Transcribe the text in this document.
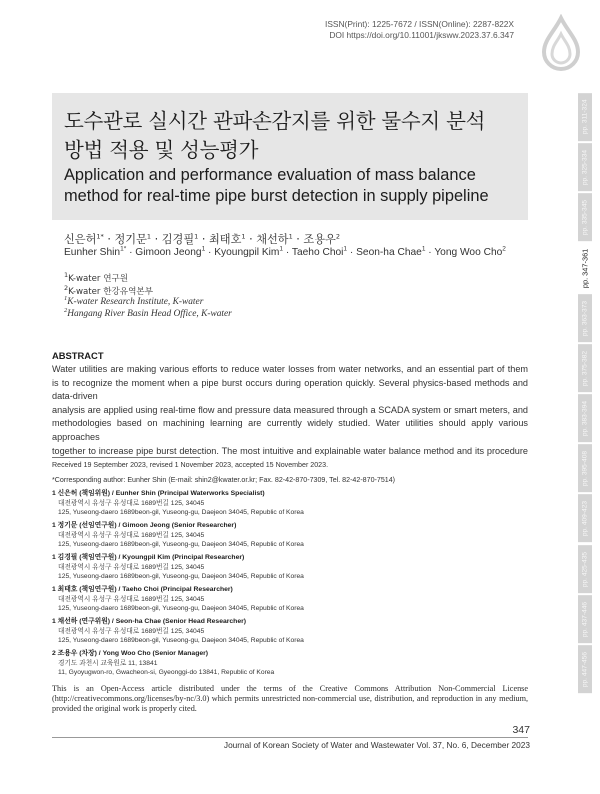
ISSN(Print): 1225-7672 / ISSN(Online): 2287-822X
DOI https://doi.org/10.11001/jksww.2023.37.6.347
도수관로 실시간 관파손감지를 위한 물수지 분석
방법 적용 및 성능평가
Application and performance evaluation of mass balance
method for real-time pipe burst detection in supply pipeline
신은허$^{1*}$ · 정기문$^1$ · 김경필$^1$ · 최태호$^1$ · 채선하$^1$ · 조용우$^2$
Eunher Shin$^{1*}$ · Gimoon Jeong$^1$ · Kyoungpil Kim$^1$ · Taeho Choi$^1$ · Seon-ha Chae$^1$ · Yong Woo Cho$^2$
$^1$K-water 연구원
$^2$K-water 한강유역본부
$^1$K-water Research Institute, K-water
$^2$Hangang River Basin Head Office, K-water
ABSTRACT
Water utilities are making various efforts to reduce water losses from water networks, and an essential part of them
is to recognize the moment when a pipe burst occurs during operation quickly. Several physics-based methods and data-driven
analysis are applied using real-time flow and pressure data measured through a SCADA system or smart meters, and
methodologies based on machining learning are currently widely studied. Water utilities should apply various approaches
together to increase pipe burst detection. The most intuitive and explainable water balance method and its procedure
Received 19 September 2023, revised 1 November 2023, accepted 15 November 2023.
*Corresponding author: Eunher Shin (E-mail: shin2@kwater.or.kr; Fax. 82-42-870-7309, Tel. 82-42-870-7514)
1 신은허 (책임위원) / Eunher Shin (Principal Waterworks Specialist)
대전광역시 유성구 유성대로 1689번길 125, 34045
125, Yuseong-daero 1689beon-gil, Yuseong-gu, Daejeon 34045, Republic of Korea
1 정기문 (선임연구원) / Gimoon Jeong (Senior Researcher)
대전광역시 유성구 유성대로 1689번길 125, 34045
125, Yuseong-daero 1689beon-gil, Yuseong-gu, Daejeon 34045, Republic of Korea
1 김경필 (책임연구원) / Kyoungpil Kim (Principal Researcher)
대전광역시 유성구 유성대로 1689번길 125, 34045
125, Yuseong-daero 1689beon-gil, Yuseong-gu, Daejeon 34045, Republic of Korea
1 최태호 (책임연구원) / Taeho Choi (Principal Researcher)
대전광역시 유성구 유성대로 1689번길 125, 34045
125, Yuseong-daero 1689beon-gil, Yuseong-gu, Daejeon 34045, Republic of Korea
1 채선하 (연구위원) / Seon-ha Chae (Senior Head Researcher)
대전광역시 유성구 유성대로 1689번길 125, 34045
125, Yuseong-daero 1689beon-gil, Yuseong-gu, Daejeon 34045, Republic of Korea
2 조용우 (차장) / Yong Woo Cho (Senior Manager)
경기도 과천시 교육원로 11, 13841
11, Gyoyugwon-ro, Gwacheon-si, Gyeonggi-do 13841, Republic of Korea
This is an Open-Access article distributed under the terms of the Creative Commons Attribution Non-Commercial License (http://creativecommons.org/licenses/by-nc/3.0) which permits unrestricted non-commercial use, distribution, and reproduction in any medium, provided the original work is properly cited.
347
Journal of Korean Society of Water and Wastewater Vol. 37, No. 6, December 2023
pp. 311-324
pp. 325-334
pp. 335-345
pp. 347-361
pp. 363-373
pp. 375-382
pp. 383-394
pp. 395-408
pp. 409-423
pp. 425-435
pp. 437-446
pp. 447-456
